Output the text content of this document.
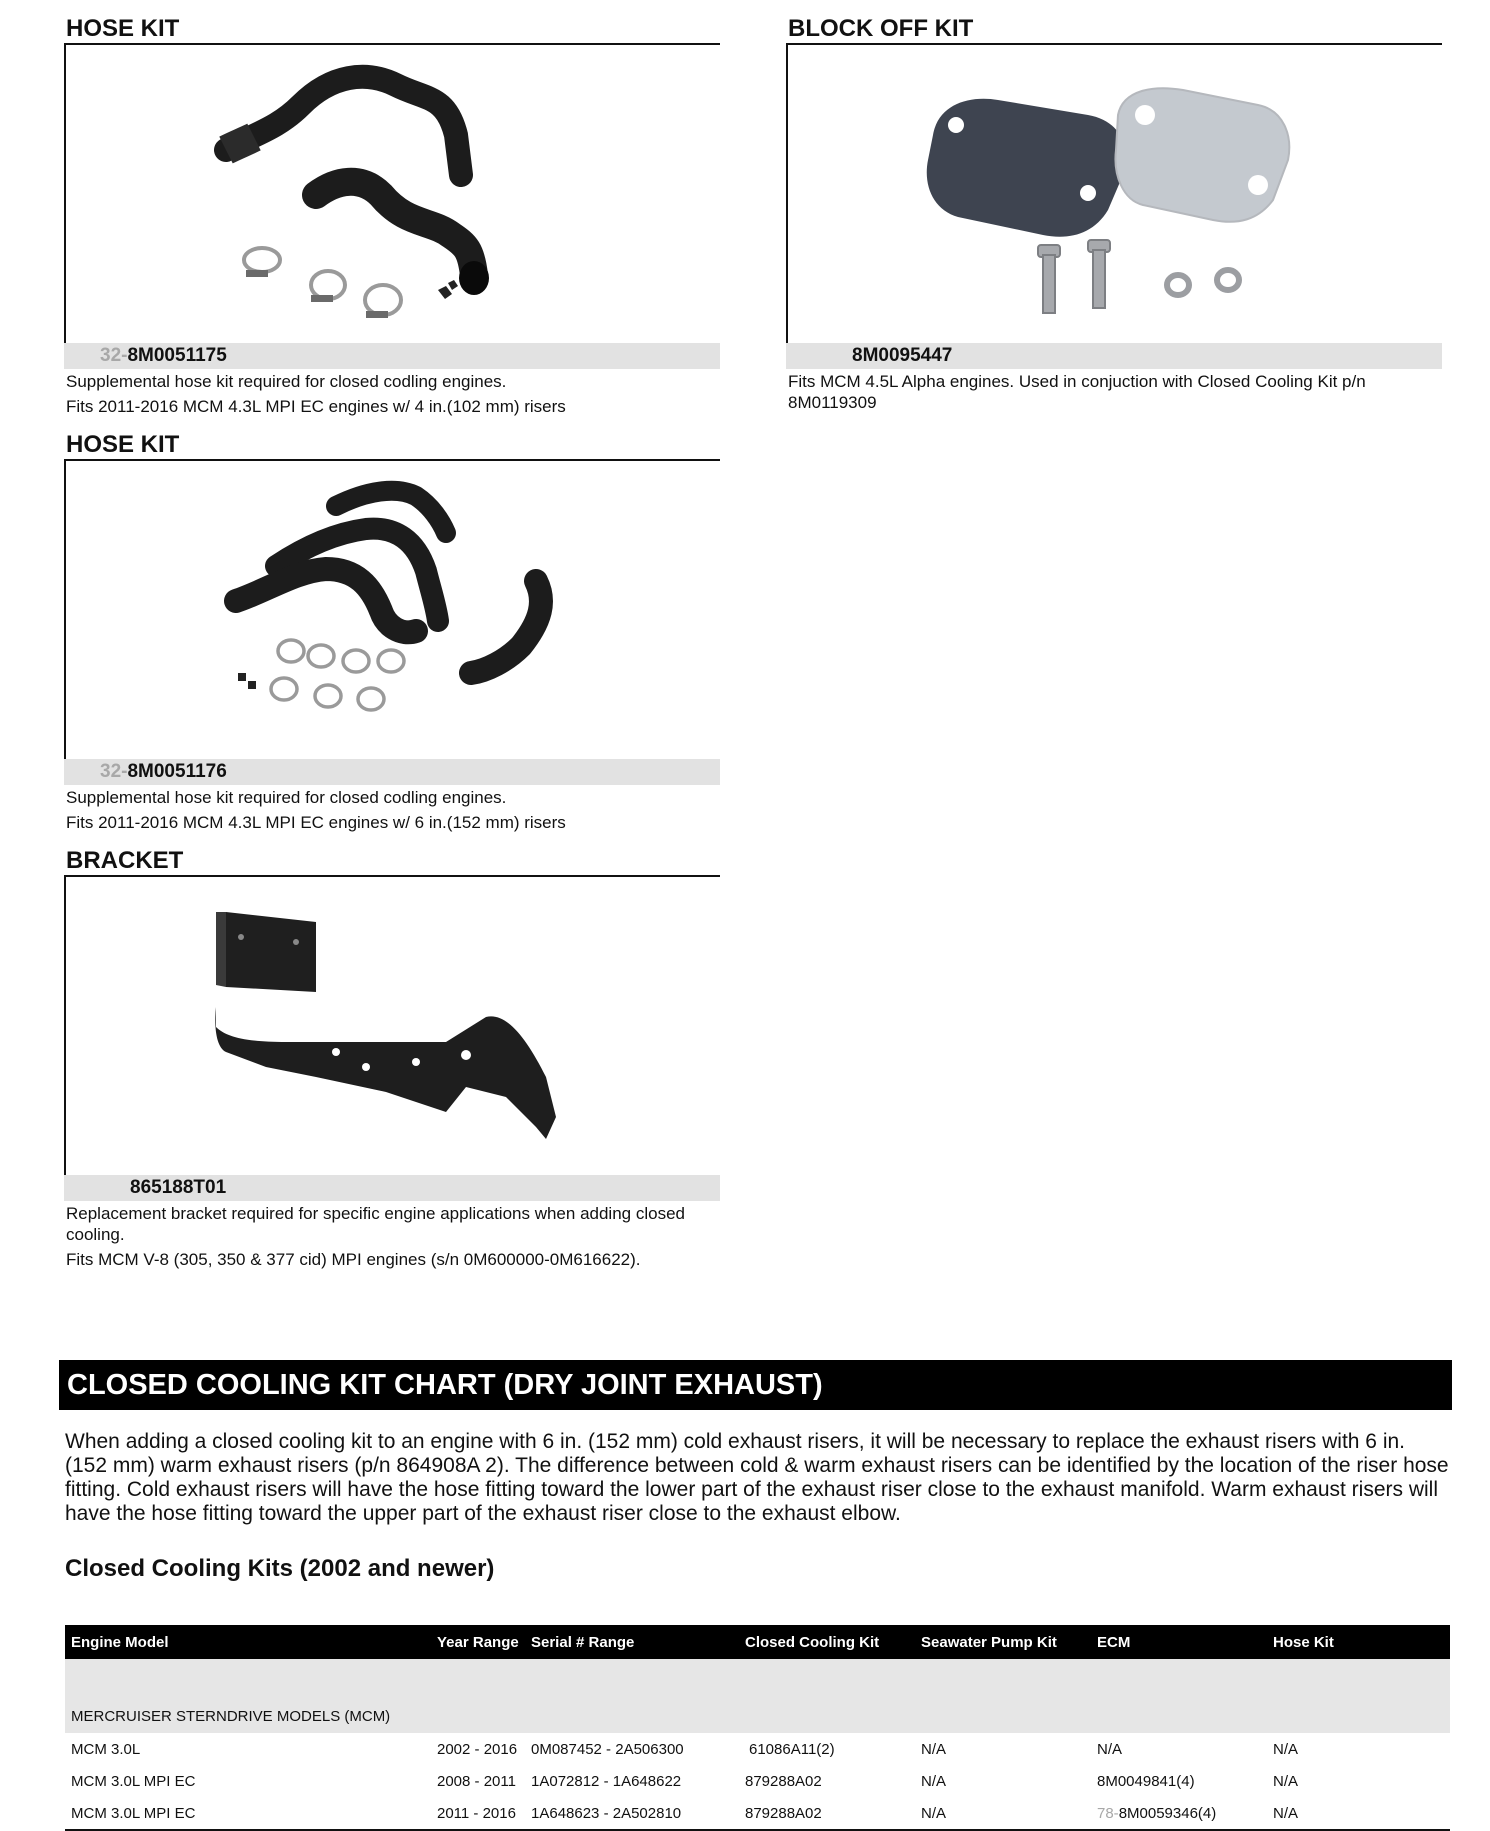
HOSE KIT
32-8M0051175
Supplemental hose kit required for closed codling engines.
Fits 2011-2016 MCM 4.3L MPI EC engines w/ 4 in.(102 mm) risers
BLOCK OFF KIT
8M0095447
Fits MCM 4.5L Alpha engines. Used in conjuction with Closed Cooling Kit p/n 8M0119309
HOSE KIT
32-8M0051176
Supplemental hose kit required for closed codling engines.
Fits 2011-2016 MCM 4.3L MPI EC engines w/ 6 in.(152 mm) risers
BRACKET
865188T01
Replacement bracket required for specific engine applications when adding closed cooling.
Fits MCM V-8 (305, 350 & 377 cid) MPI engines (s/n 0M600000-0M616622).
CLOSED COOLING KIT CHART (DRY JOINT EXHAUST)
When adding a closed cooling kit to an engine with 6 in. (152 mm) cold exhaust risers, it will be necessary to replace the exhaust risers with 6 in. (152 mm) warm exhaust risers (p/n 864908A 2). The difference between cold & warm exhaust risers can be identified by the location of the riser hose fitting. Cold exhaust risers will have the hose fitting toward the lower part of the exhaust riser close to the exhaust manifold. Warm exhaust risers will have the hose fitting toward the upper part of the exhaust riser close to the exhaust elbow.
Closed Cooling Kits (2002 and newer)
Engine Model	Year Range	Serial # Range	Closed Cooling Kit	Seawater Pump Kit	ECM	Hose Kit
MERCRUISER STERNDRIVE MODELS (MCM)						
MCM 3.0L	2002 - 2016	0M087452 - 2A506300	61086A11(2)	N/A	N/A	N/A
MCM 3.0L MPI EC	2008 - 2011	1A072812 - 1A648622	879288A02	N/A	8M0049841(4)	N/A
MCM 3.0L MPI EC	2011 - 2016	1A648623 - 2A502810	879288A02	N/A	78-8M0059346(4)	N/A
